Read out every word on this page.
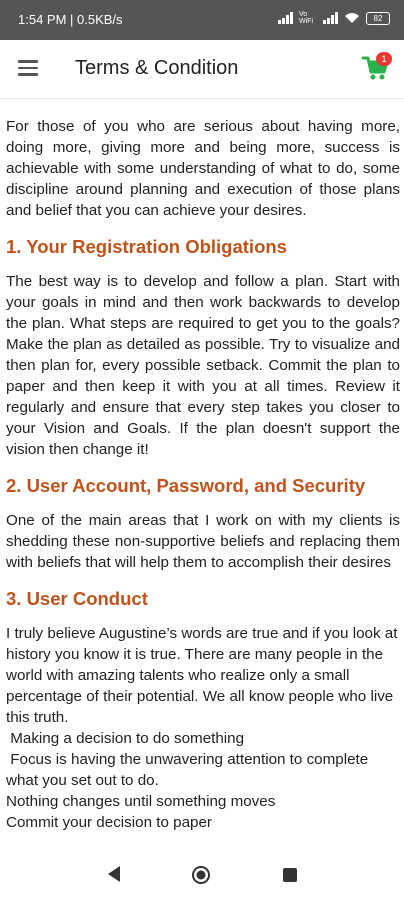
1:54 PM | 0.5KB/s	Vo WiFi	82
Terms & Condition	1

For those of you who are serious about having more, doing more, giving more and being more, success is achievable with some understanding of what to do, some discipline around planning and execution of those plans and belief that you can achieve your desires.

1. Your Registration Obligations

The best way is to develop and follow a plan. Start with your goals in mind and then work backwards to develop the plan. What steps are required to get you to the goals? Make the plan as detailed as possible. Try to visualize and then plan for, every possible setback. Commit the plan to paper and then keep it with you at all times. Review it regularly and ensure that every step takes you closer to your Vision and Goals. If the plan doesn't support the vision then change it!

2. User Account, Password, and Security

One of the main areas that I work on with my clients is shedding these non-supportive beliefs and replacing them with beliefs that will help them to accomplish their desires

3. User Conduct

I truly believe Augustine’s words are true and if you look at history you know it is true. There are many people in the world with amazing talents who realize only a small percentage of their potential. We all know people who live this truth.

Making a decision to do something

Focus is having the unwavering attention to complete what you set out to do.

Nothing changes until something moves

Commit your decision to paper
